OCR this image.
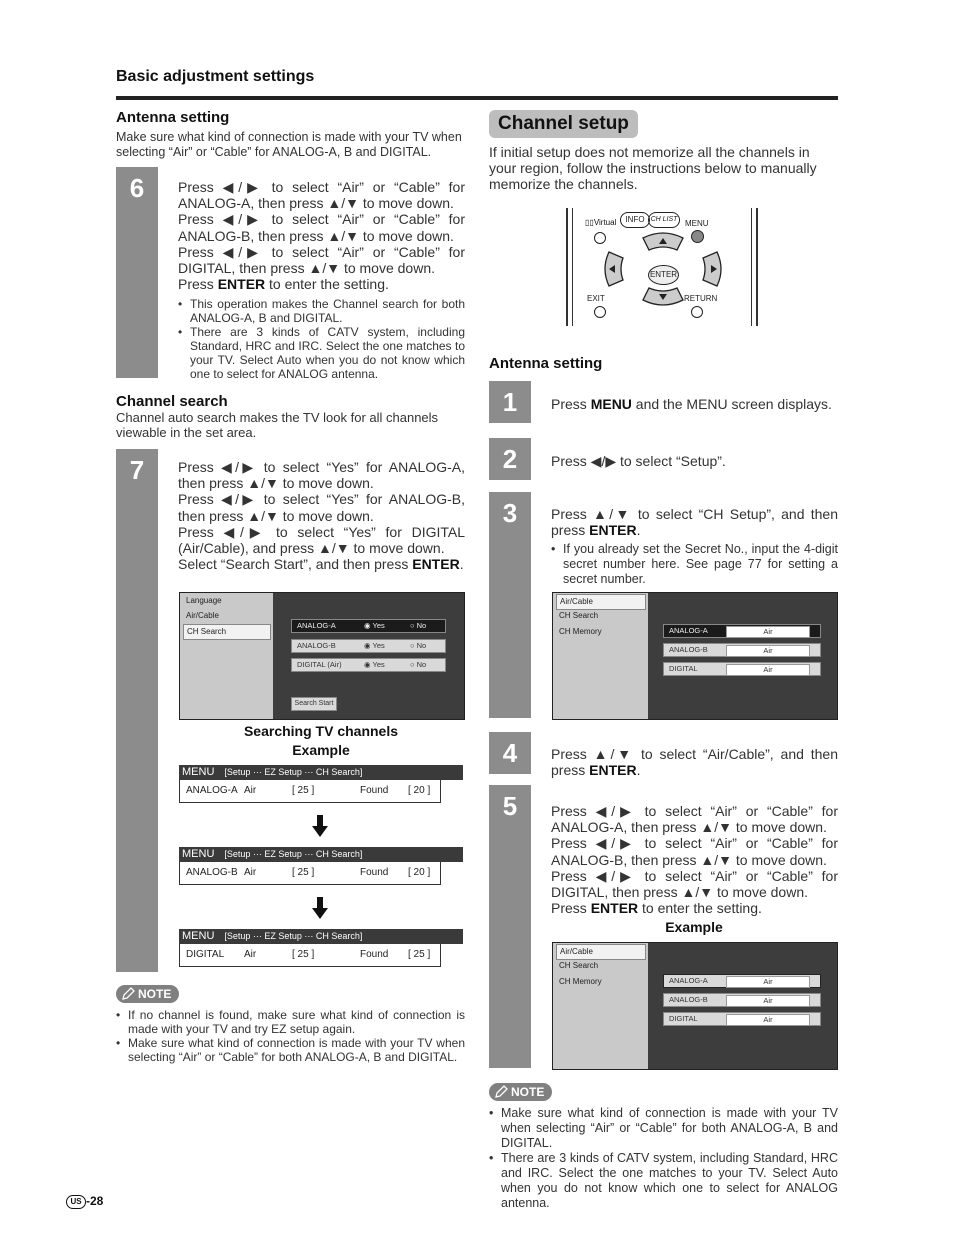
Basic adjustment settings
Antenna setting
Make sure what kind of connection is made with your TV when selecting “Air” or “Cable” for ANALOG-A, B and DIGITAL.
6	Press ◀/▶ to select “Air” or “Cable” for ANALOG-A, then press ▲/▼ to move down.
Press ◀/▶ to select “Air” or “Cable” for ANALOG-B, then press ▲/▼ to move down.
Press ◀/▶ to select “Air” or “Cable” for DIGITAL, then press ▲/▼ to move down.
Press ENTER to enter the setting.
• This operation makes the Channel search for both ANALOG-A, B and DIGITAL.
• There are 3 kinds of CATV system, including Standard, HRC and IRC. Select the one matches to your TV. Select Auto when you do not know which one to select for ANALOG antenna.
Channel search
Channel auto search makes the TV look for all channels viewable in the set area.
7	Press ◀/▶ to select “Yes” for ANALOG-A, then press ▲/▼ to move down.
Press ◀/▶ to select “Yes” for ANALOG-B, then press ▲/▼ to move down.
Press ◀/▶ to select “Yes” for DIGITAL (Air/Cable), and press ▲/▼ to move down.
Select “Search Start”, and then press ENTER.
Language
Air/Cable
CH Search
ANALOG-A	◉ Yes	○ No
ANALOG-B	◉ Yes	○ No
DIGITAL (Air)	◉ Yes	○ No
Search Start
Searching TV channels
Example
MENU [Setup ··· EZ Setup ··· CH Search]
ANALOG-A Air	[ 25 ]	Found [ 20 ]
MENU [Setup ··· EZ Setup ··· CH Search]
ANALOG-B Air	[ 25 ]	Found [ 20 ]
MENU [Setup ··· EZ Setup ··· CH Search]
DIGITAL Air	[ 25 ]	Found [ 25 ]
NOTE
• If no channel is found, make sure what kind of connection is made with your TV and try EZ setup again.
• Make sure what kind of connection is made with your TV when selecting “Air” or “Cable” for both ANALOG-A, B and DIGITAL.
Channel setup
If initial setup does not memorize all the channels in your region, follow the instructions below to manually memorize the channels.
▯▯Virtual	INFO CH LIST MENU
ENTER
EXIT	RETURN
Antenna setting
1	Press MENU and the MENU screen displays.
2	Press ◀/▶ to select “Setup”.
3	Press ▲/▼ to select “CH Setup”, and then press ENTER.
• If you already set the Secret No., input the 4-digit secret number here. See page 77 for setting a secret number.
Air/Cable
CH Search
CH Memory	ANALOG-A	Air
ANALOG-B	Air
DIGITAL	Air
4	Press ▲/▼ to select “Air/Cable”, and then press ENTER.
5	Press ◀/▶ to select “Air” or “Cable” for ANALOG-A, then press ▲/▼ to move down.
Press ◀/▶ to select “Air” or “Cable” for ANALOG-B, then press ▲/▼ to move down.
Press ◀/▶ to select “Air” or “Cable” for DIGITAL, then press ▲/▼ to move down.
Press ENTER to enter the setting.
Example
Air/Cable
CH Search
CH Memory	ANALOG-A	Air
ANALOG-B	Air
DIGITAL	Air
NOTE
• Make sure what kind of connection is made with your TV when selecting “Air” or “Cable” for both ANALOG-A, B and DIGITAL.
• There are 3 kinds of CATV system, including Standard, HRC and IRC. Select the one matches to your TV. Select Auto when you do not know which one to select for ANALOG antenna.
US -28
